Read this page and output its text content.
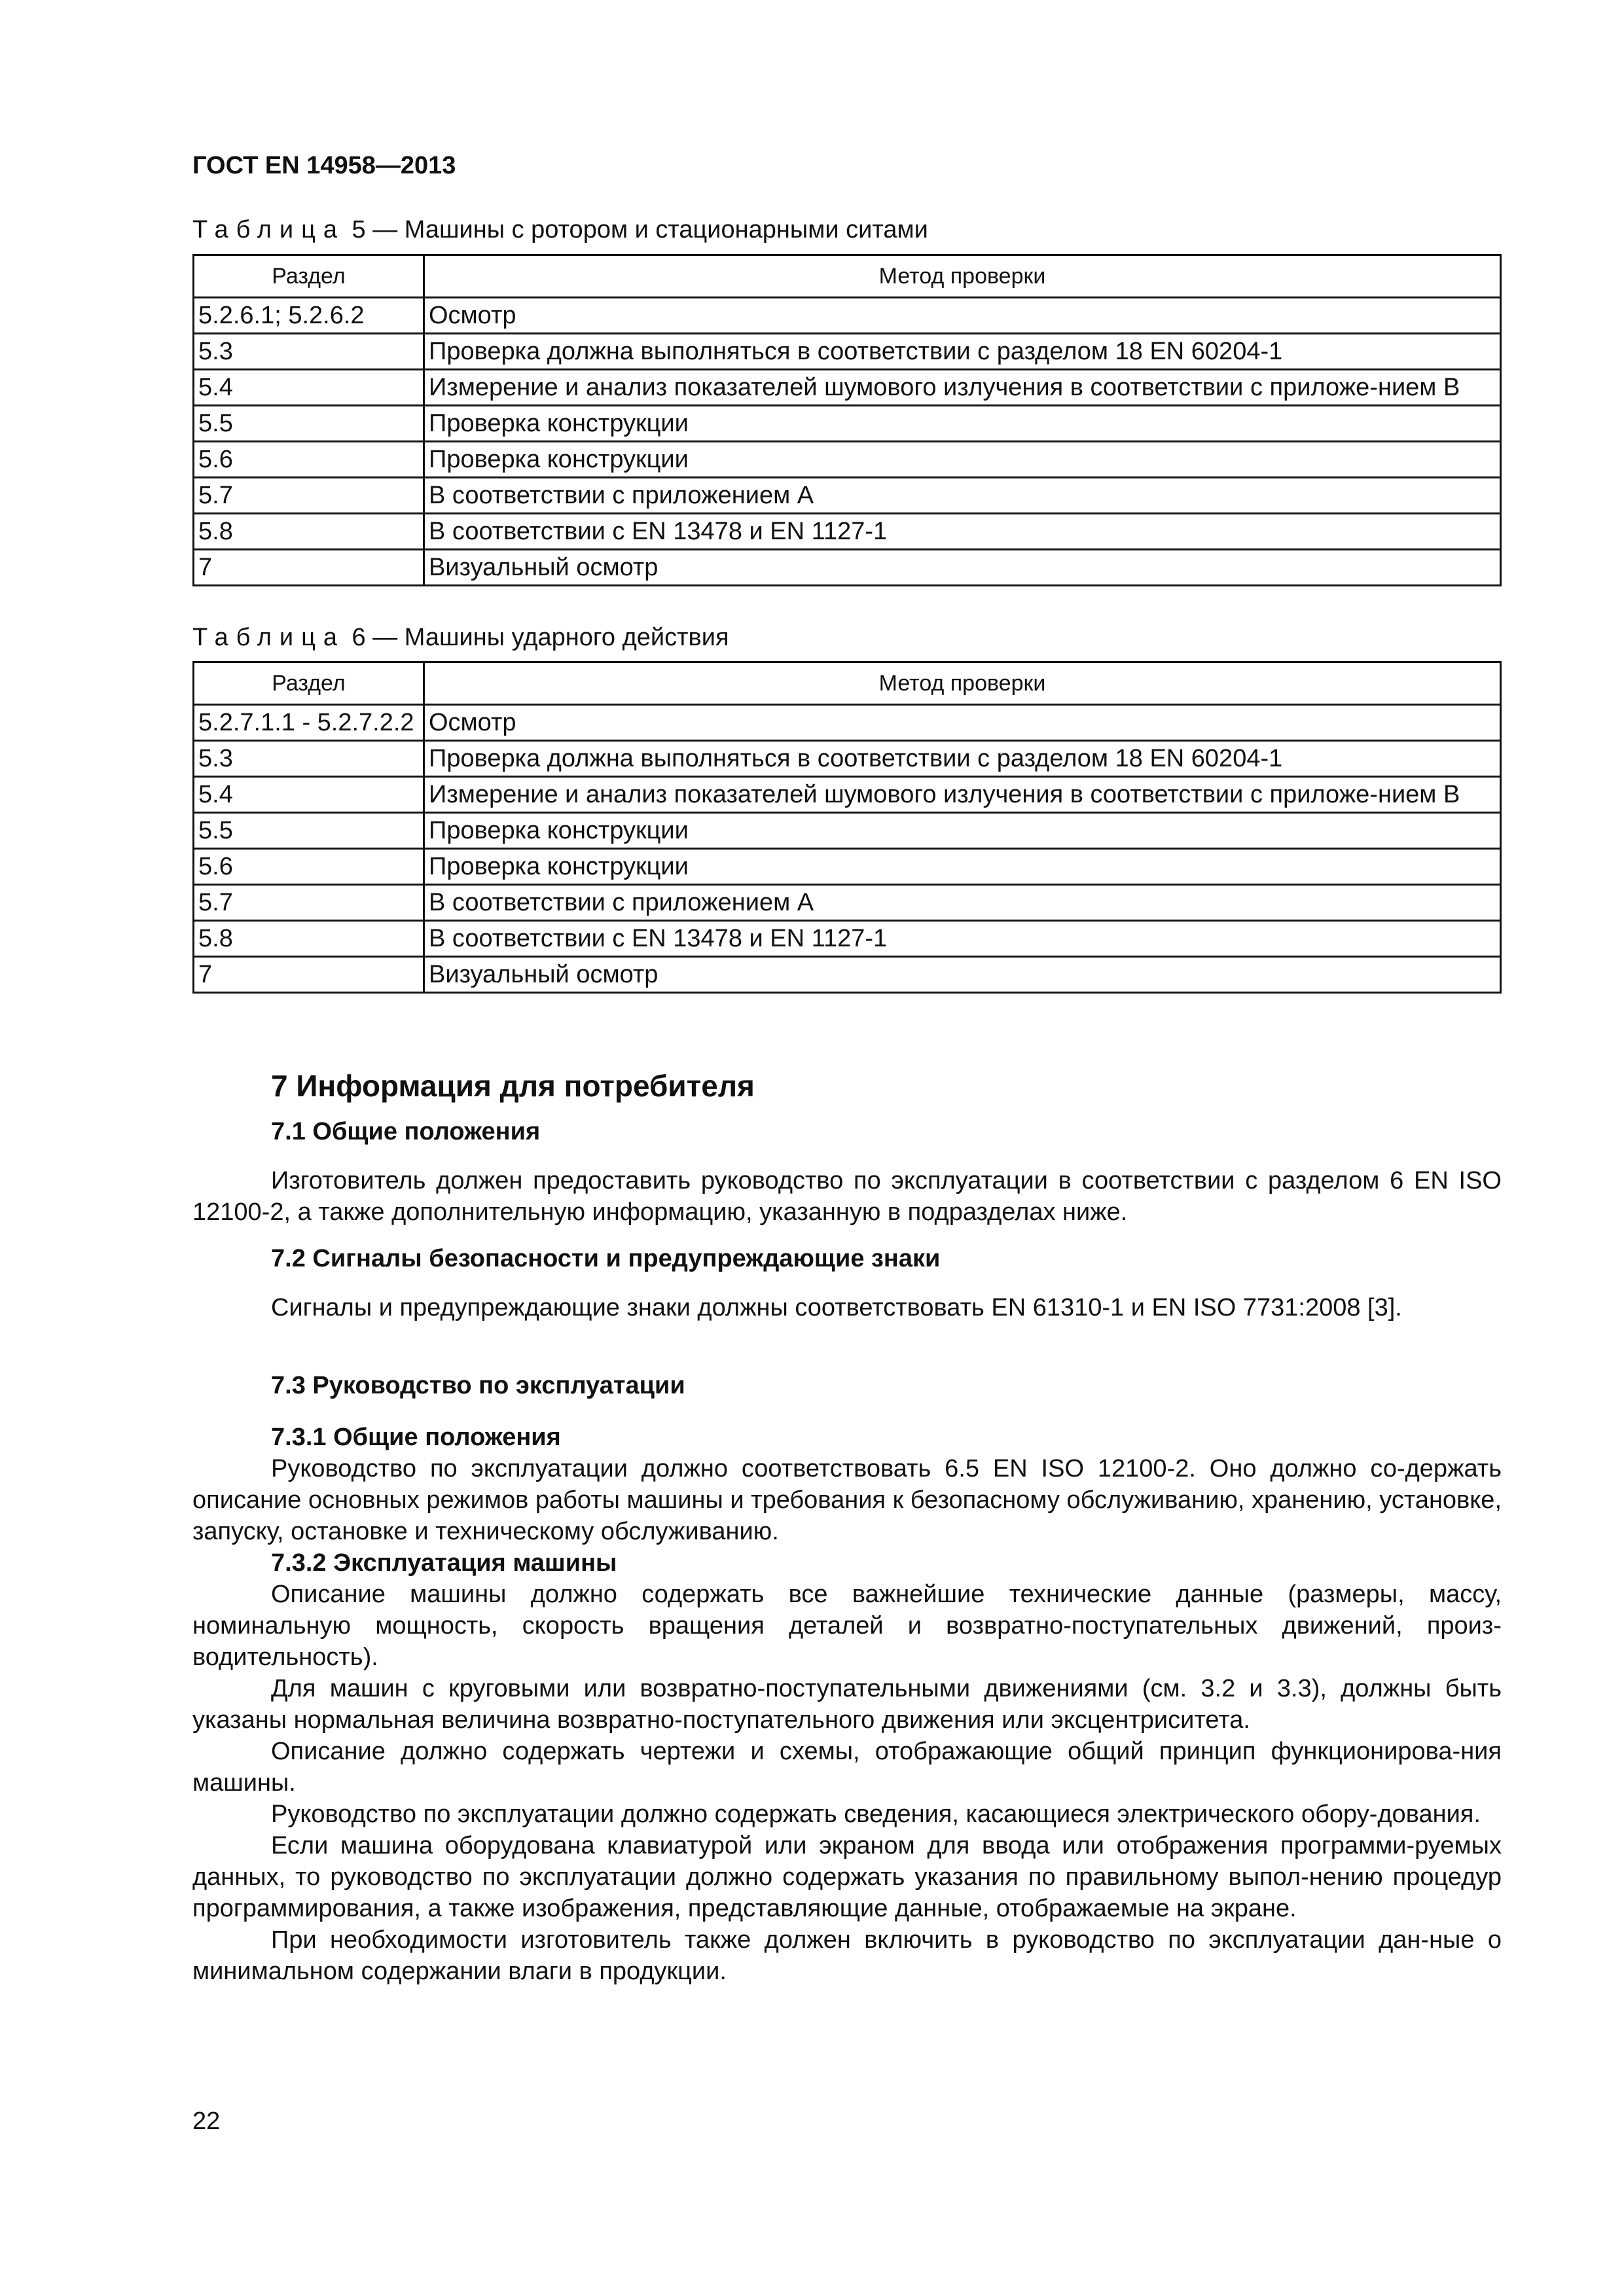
ГОСТ EN 14958—2013
Таблица 5 — Машины с ротором и стационарными ситами
Раздел	Метод проверки
5.2.6.1; 5.2.6.2	Осмотр
5.3	Проверка должна выполняться в соответствии с разделом 18 EN 60204-1
5.4	Измерение и анализ показателей шумового излучения в соответствии с приложе-нием В
5.5	Проверка конструкции
5.6	Проверка конструкции
5.7	В соответствии с приложением А
5.8	В соответствии с EN 13478 и EN 1127-1
7	Визуальный осмотр
Таблица 6 — Машины ударного действия
Раздел	Метод проверки
5.2.7.1.1 - 5.2.7.2.2	Осмотр
5.3	Проверка должна выполняться в соответствии с разделом 18 EN 60204-1
5.4	Измерение и анализ показателей шумового излучения в соответствии с приложе-нием В
5.5	Проверка конструкции
5.6	Проверка конструкции
5.7	В соответствии с приложением А
5.8	В соответствии с EN 13478 и EN 1127-1
7	Визуальный осмотр
7 Информация для потребителя
7.1 Общие положения

Изготовитель должен предоставить руководство по эксплуатации в соответствии с разделом 6 EN ISO 12100-2, а также дополнительную информацию, указанную в подразделах ниже.

7.2 Сигналы безопасности и предупреждающие знаки

Сигналы и предупреждающие знаки должны соответствовать EN 61310-1 и EN ISO 7731:2008 [3].

7.3 Руководство по эксплуатации
7.3.1 Общие положения

Руководство по эксплуатации должно соответствовать 6.5 EN ISO 12100-2. Оно должно со-держать описание основных режимов работы машины и требования к безопасному обслуживанию, хранению, установке, запуску, остановке и техническому обслуживанию.

7.3.2 Эксплуатация машины

Описание машины должно содержать все важнейшие технические данные (размеры, массу, номинальную мощность, скорость вращения деталей и возвратно-поступательных движений, произ-водительность).

Для машин с круговыми или возвратно-поступательными движениями (см. 3.2 и 3.3), должны быть указаны нормальная величина возвратно-поступательного движения или эксцентриситета.

Описание должно содержать чертежи и схемы, отображающие общий принцип функционирова-ния машины.

Руководство по эксплуатации должно содержать сведения, касающиеся электрического обору-дования.

Если машина оборудована клавиатурой или экраном для ввода или отображения программи-руемых данных, то руководство по эксплуатации должно содержать указания по правильному выпол-нению процедур программирования, а также изображения, представляющие данные, отображаемые на экране.

При необходимости изготовитель также должен включить в руководство по эксплуатации дан-ные о минимальном содержании влаги в продукции.

22
